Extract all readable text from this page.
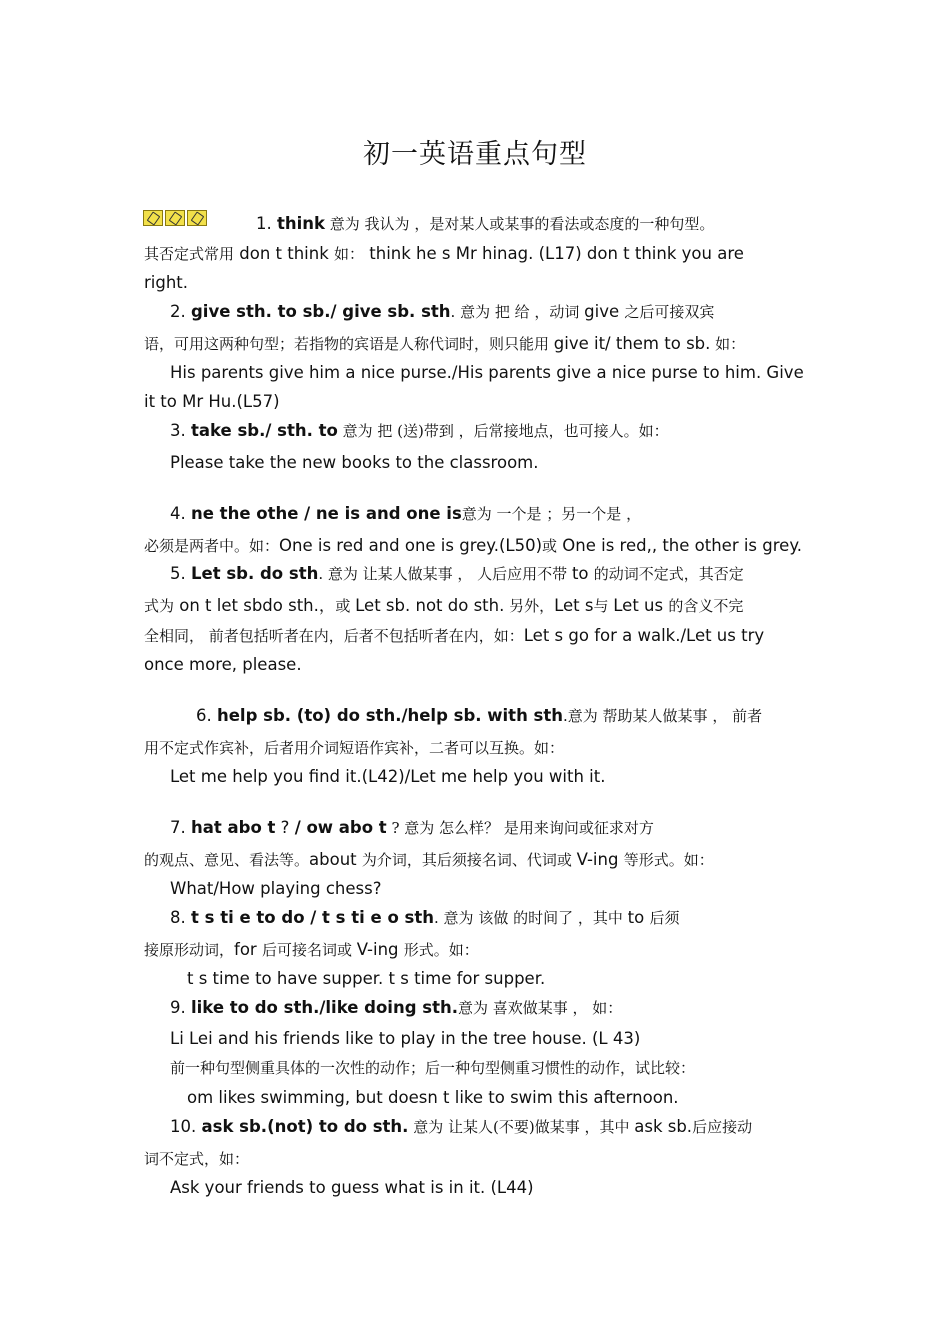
初一英语重点句型
1. think 意为 我认为 ，是对某人或某事的看法或态度的一种句型。
其否定式常用 don t think 如： think he s Mr hinag. (L17) don t think you are
right.
2. give sth. to sb./ give sb. sth. 意为 把 给 ，动词 give 之后可接双宾
语，可用这两种句型；若指物的宾语是人称代词时，则只能用 give it/ them to sb. 如：
His parents give him a nice purse./His parents give a nice purse to him. Give
it to Mr Hu.(L57)
3. take sb./ sth. to 意为 把 (送)带到 ，后常接地点，也可接人。如：
Please take the new books to the classroom.
4. ne the othe / ne is and one is意为 一个是 ；另一个是 ，
必须是两者中。如：One is red and one is grey.(L50)或 One is red,, the other is grey.
5. Let sb. do sth. 意为 让某人做某事 ， 人后应用不带 to 的动词不定式，其否定
式为 on t let sbdo sth.，或 Let sb. not do sth. 另外，Let s与 Let us 的含义不完
全相同， 前者包括听者在内，后者不包括听者在内，如：Let s go for a walk./Let us try
once more, please.
6. help sb. (to) do sth./help sb. with sth.意为 帮助某人做某事 ， 前者
用不定式作宾补，后者用介词短语作宾补，二者可以互换。如：
Let me help you find it.(L42)/Let me help you with it.
7. hat abo t ? / ow abo t ? 意为 怎么样？ 是用来询问或征求对方
的观点、意见、看法等。about 为介词，其后须接名词、代词或 V-ing 等形式。如：
What/How playing chess?
8. t s ti e to do / t s ti e o sth. 意为 该做 的时间了 ，其中 to 后须
接原形动词，for 后可接名词或 V-ing 形式。如：
t s time to have supper. t s time for supper.
9. like to do sth./like doing sth.意为 喜欢做某事 ， 如：
Li Lei and his friends like to play in the tree house. (L 43)
前一种句型侧重具体的一次性的动作；后一种句型侧重习惯性的动作，试比较：
om likes swimming, but doesn t like to swim this afternoon.
10. ask sb.(not) to do sth. 意为 让某人(不要)做某事 ，其中 ask sb.后应接动
词不定式，如：
Ask your friends to guess what is in it. (L44)
